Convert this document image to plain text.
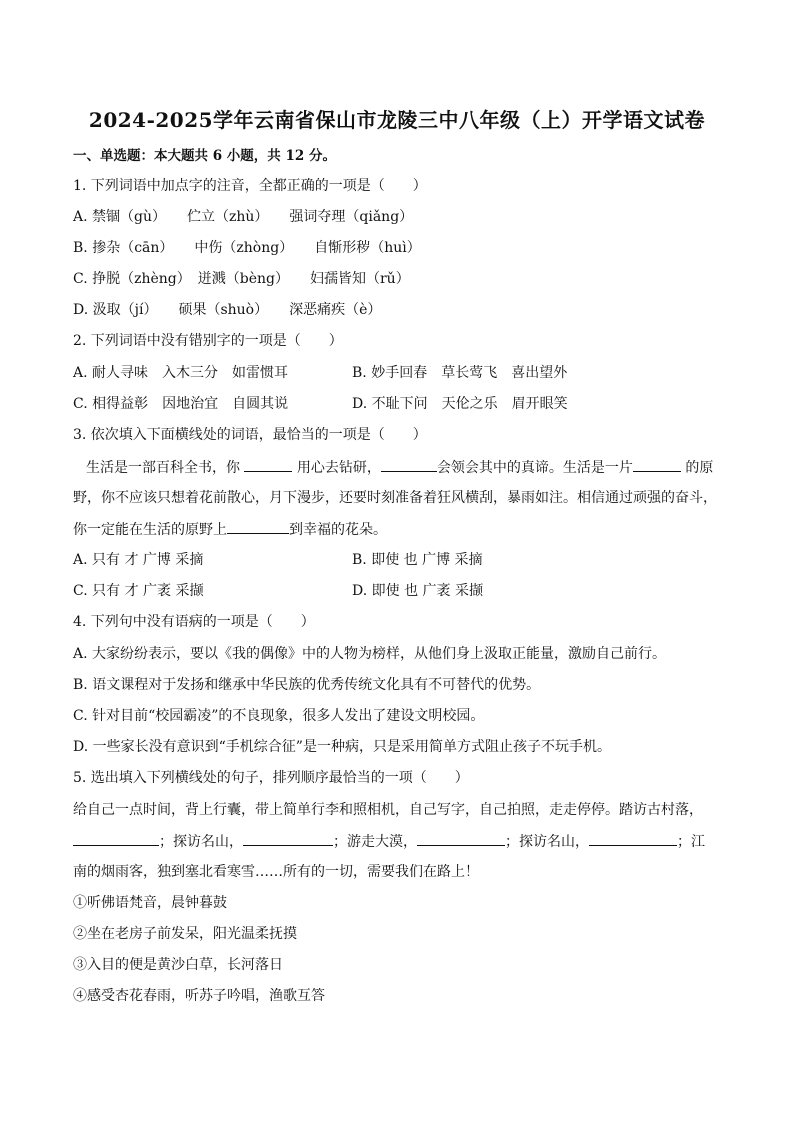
2024-2025学年云南省保山市龙陵三中八年级（上）开学语文试卷
一、单选题：本大题共 6 小题，共 12 分。
1. 下列词语中加点字的注音，全都正确的一项是（　　）
A. 禁锢（gù）　　伫立（zhù）　　强词夺理（qiǎng）
B. 掺杂（cān）　　中伤（zhòng）　　自惭形秽（huì）
C. 挣脱（zhèng）　迸溅（bèng）　　妇孺皆知（rǔ）
D. 汲取（jí）　　硕果（shuò）　　深恶痛疾（è）
2. 下列词语中没有错别字的一项是（　　）
A. 耐人寻味　入木三分　如雷惯耳	B. 妙手回春　草长莺飞　喜出望外
C. 相得益彰　因地治宜　自圆其说	D. 不耻下问　天伦之乐　眉开眼笑
3. 依次填入下面横线处的词语，最恰当的一项是（　　）
生活是一部百科全书，你	用心去钻研，	会领会其中的真谛。生活是一片	的原
野，你不应该只想着花前散心，月下漫步，还要时刻准备着狂风横刮，暴雨如注。相信通过顽强的奋斗，
你一定能在生活的原野上	到幸福的花朵。
A. 只有 才 广博 采摘	B. 即使 也 广博 采摘
C. 只有 才 广袤 采撷	D. 即使 也 广袤 采撷
4. 下列句中没有语病的一项是（　　）
A. 大家纷纷表示，要以《我的偶像》中的人物为榜样，从他们身上汲取正能量，激励自己前行。
B. 语文课程对于发扬和继承中华民族的优秀传统文化具有不可替代的优势。
C. 针对目前“校园霸凌”的不良现象，很多人发出了建设文明校园。
D. 一些家长没有意识到“手机综合征”是一种病，只是采用简单方式阻止孩子不玩手机。
5. 选出填入下列横线处的句子，排列顺序最恰当的一项（　　）
给自己一点时间，背上行囊，带上简单行李和照相机，自己写字，自己拍照，走走停停。踏访古村落，
；探访名山，	；游走大漠，	；探访名山，	；江
南的烟雨客，独到塞北看寒雪……所有的一切，需要我们在路上！
①听佛语梵音，晨钟暮鼓
②坐在老房子前发呆，阳光温柔抚摸
③入目的便是黄沙白草，长河落日
④感受杏花春雨，听苏子吟唱，渔歌互答
